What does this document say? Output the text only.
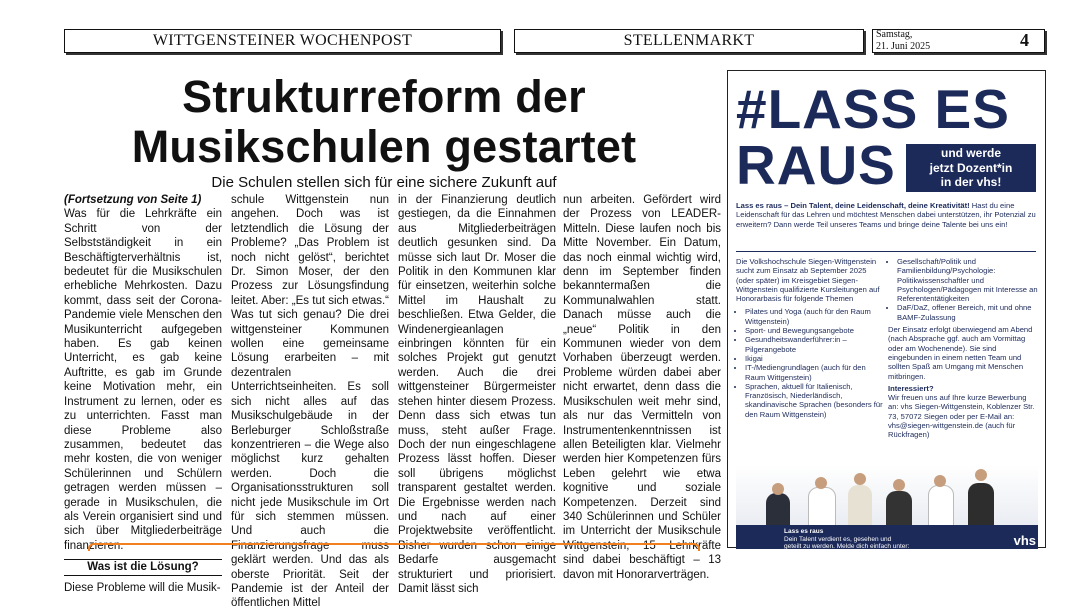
WITTGENSTEINER WOCHENPOST	STELLENMARKT	Samstag,
21. Juni 2025	4
Strukturreform der
Musikschulen gestartet
Die Schulen stellen sich für eine sichere Zukunft auf

(Fortsetzung von Seite 1)

Was für die Lehrkräfte ein Schritt von der Selbstständigkeit in ein Beschäftigterverhältnis ist, bedeutet für die Musikschulen erhebliche Mehrkosten. Dazu kommt, dass seit der Corona-Pandemie viele Menschen den Musikunterricht aufgegeben haben. Es gab keinen Unterricht, es gab keine Auftritte, es gab im Grunde keine Motivation mehr, ein Instrument zu lernen, oder es zu unterrichten. Fasst man diese Probleme also zusammen, bedeutet das mehr kosten, die von weniger Schülerinnen und Schülern getragen werden müssen – gerade in Musikschulen, die als Verein organisiert sind und sich über Mitgliederbeiträge finanzieren.

Was ist die Lösung?

Diese Probleme will die Musik-

schule Wittgenstein nun angehen. Doch was ist letztendlich die Lösung der Probleme? „Das Problem ist noch nicht gelöst“, berichtet Dr. Simon Moser, der den Prozess zur Lösungsfindung leitet. Aber: „Es tut sich etwas.“ Was tut sich genau? Die drei wittgensteiner Kommunen wollen eine gemeinsame Lösung erarbeiten – mit dezentralen Unterrichtseinheiten. Es soll sich nicht alles auf das Musikschulgebäude in der Berleburger Schloßstraße konzentrieren – die Wege also möglichst kurz gehalten werden. Doch die Organisationsstrukturen soll nicht jede Musikschule im Ort für sich stemmen müssen. Und auch die Finanzierungsfrage muss geklärt werden. Und das als oberste Priorität. Seit der Pandemie ist der Anteil der öffentlichen Mittel

in der Finanzierung deutlich gestiegen, da die Einnahmen aus Mitgliederbeiträgen deutlich gesunken sind. Da müsse sich laut Dr. Moser die Politik in den Kommunen klar für einsetzen, weiterhin solche Mittel im Haushalt zu beschließen. Etwa Gelder, die Windenergieanlagen einbringen könnten für ein solches Projekt gut genutzt werden. Auch die drei wittgensteiner Bürgermeister stehen hinter diesem Prozess. Denn dass sich etwas tun muss, steht außer Frage. Doch der nun eingeschlagene Prozess lässt hoffen. Dieser soll übrigens möglichst transparent gestaltet werden. Die Ergebnisse werden nach und nach auf einer Projektwebsite veröffentlicht. Bisher wurden schon einige Bedarfe ausgemacht strukturiert und priorisiert. Damit lässt sich

nun arbeiten. Gefördert wird der Prozess von LEADER-Mitteln. Diese laufen noch bis Mitte November. Ein Datum, das noch einmal wichtig wird, denn im September finden bekanntermaßen die Kommunalwahlen statt. Danach müsse auch die „neue“ Politik in den Kommunen wieder von dem Vorhaben überzeugt werden. Probleme würden dabei aber nicht erwartet, denn dass die Musikschulen weit mehr sind, als nur das Vermitteln von Instrumentenkenntnissen ist allen Beteiligten klar. Vielmehr werden hier Kompetenzen fürs Leben gelehrt wie etwa kognitive und soziale Kompetenzen. Derzeit sind 340 Schülerinnen und Schüler im Unterricht der Musikschule Wittgenstein, 15 Lehrkräfte sind dabei beschäftigt – 13 davon mit Honorarverträgen.

#LASS ES
RAUS	und werde
jetzt Dozent*in
in der vhs!
Lass es raus – Dein Talent, deine Leidenschaft, deine Kreativität! Hast du eine Leidenschaft für das Lehren und möchtest Menschen dabei unterstützen, ihr Potenzial zu erweitern? Dann werde Teil unseres Teams und bringe deine Talente bei uns ein!
Die Volkshochschule Siegen-Wittgenstein sucht zum Einsatz ab September 2025 (oder später) im Kreisgebiet Siegen-Wittgenstein qualifizierte Kursleitungen auf Honorarbasis für folgende Themen
• Pilates und Yoga (auch für den Raum Wittgenstein)
• Sport- und Bewegungsangebote
• Gesundheitswanderführer:in – Pilgerangebote
• Ikigai
• IT-/Mediengrundlagen (auch für den Raum Wittgenstein)
• Sprachen, aktuell für Italienisch, Französisch, Niederländisch, skandinavische Sprachen (besonders für den Raum Wittgenstein)
• Gesellschaft/Politik und Familienbildung/Psychologie: Politikwissenschaftler und Psychologen/Pädagogen mit Interesse an Referententätigkeiten
• DaF/DaZ, offener Bereich, mit und ohne BAMF-Zulassung
Der Einsatz erfolgt überwiegend am Abend (nach Absprache ggf. auch am Vormittag oder am Wochenende). Sie sind eingebunden in einem netten Team und sollten Spaß am Umgang mit Menschen mitbringen.
Interessiert?
Wir freuen uns auf Ihre kurze Bewerbung an: vhs Siegen-Wittgenstein, Koblenzer Str. 73, 57072 Siegen oder per E-Mail an: vhs@siegen-wittgenstein.de (auch für Rückfragen)
Lass es raus
Dein Talent verdient es, gesehen und
geteilt zu werden. Melde dich einfach unter:	vhs
